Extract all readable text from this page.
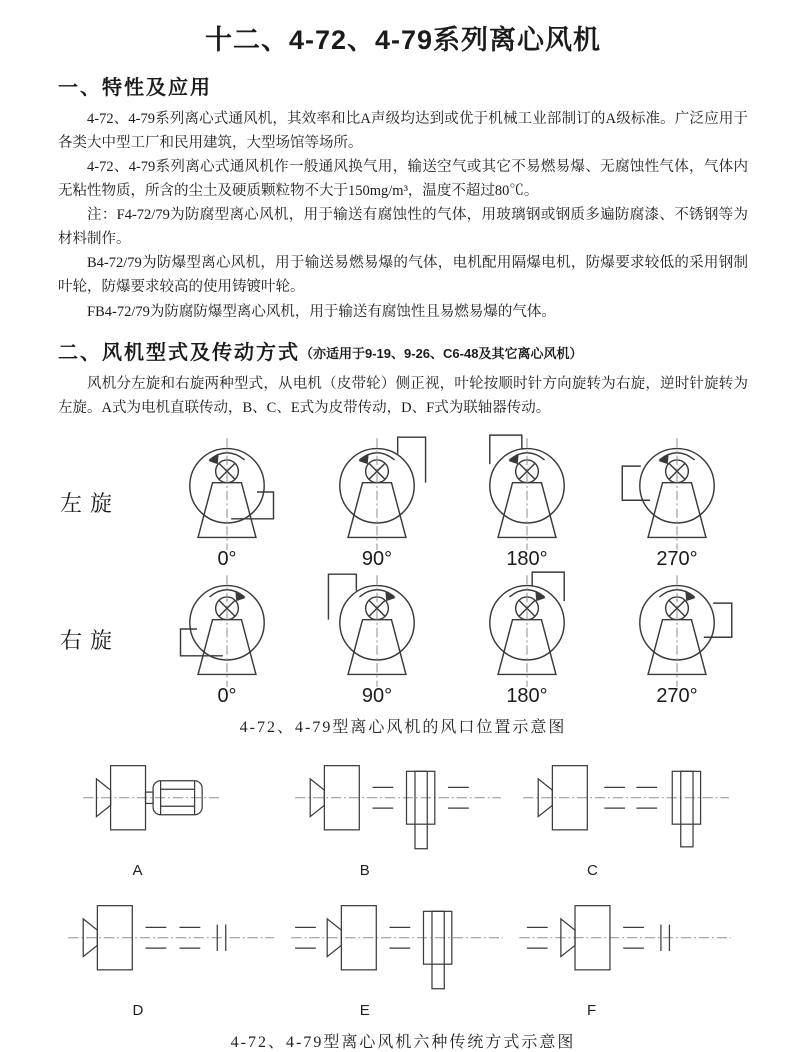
十二、4-72、4-79系列离心风机
一、特性及应用

4-72、4-79系列离心式通风机，其效率和比A声级均达到或优于机械工业部制订的A级标准。广泛应用于各类大中型工厂和民用建筑，大型场馆等场所。

4-72、4-79系列离心式通风机作一般通风换气用，输送空气或其它不易燃易爆、无腐蚀性气体，气体内无粘性物质，所含的尘土及硬质颗粒物不大于150mg/m³，温度不超过80℃。

注：F4-72/79为防腐型离心风机，用于输送有腐蚀性的气体，用玻璃钢或钢质多遍防腐漆、不锈钢等为材料制作。

B4-72/79为防爆型离心风机，用于输送易燃易爆的气体，电机配用隔爆电机，防爆要求较低的采用钢制叶轮，防爆要求较高的使用铸镀叶轮。

FB4-72/79为防腐防爆型离心风机，用于输送有腐蚀性且易燃易爆的气体。

二、风机型式及传动方式（亦适用于9-19、9-26、C6-48及其它离心风机）

风机分左旋和右旋两种型式，从电机（皮带轮）侧正视，叶轮按顺时针方向旋转为右旋，逆时针旋转为左旋。A式为电机直联传动，B、C、E式为皮带传动，D、F式为联轴器传动。

左旋
0°	90°	180°	270°
右旋
0°	90°	180°	270°
4-72、4-79型离心风机的风口位置示意图
A	B	C
D	E	F
4-72、4-79型离心风机六种传统方式示意图
